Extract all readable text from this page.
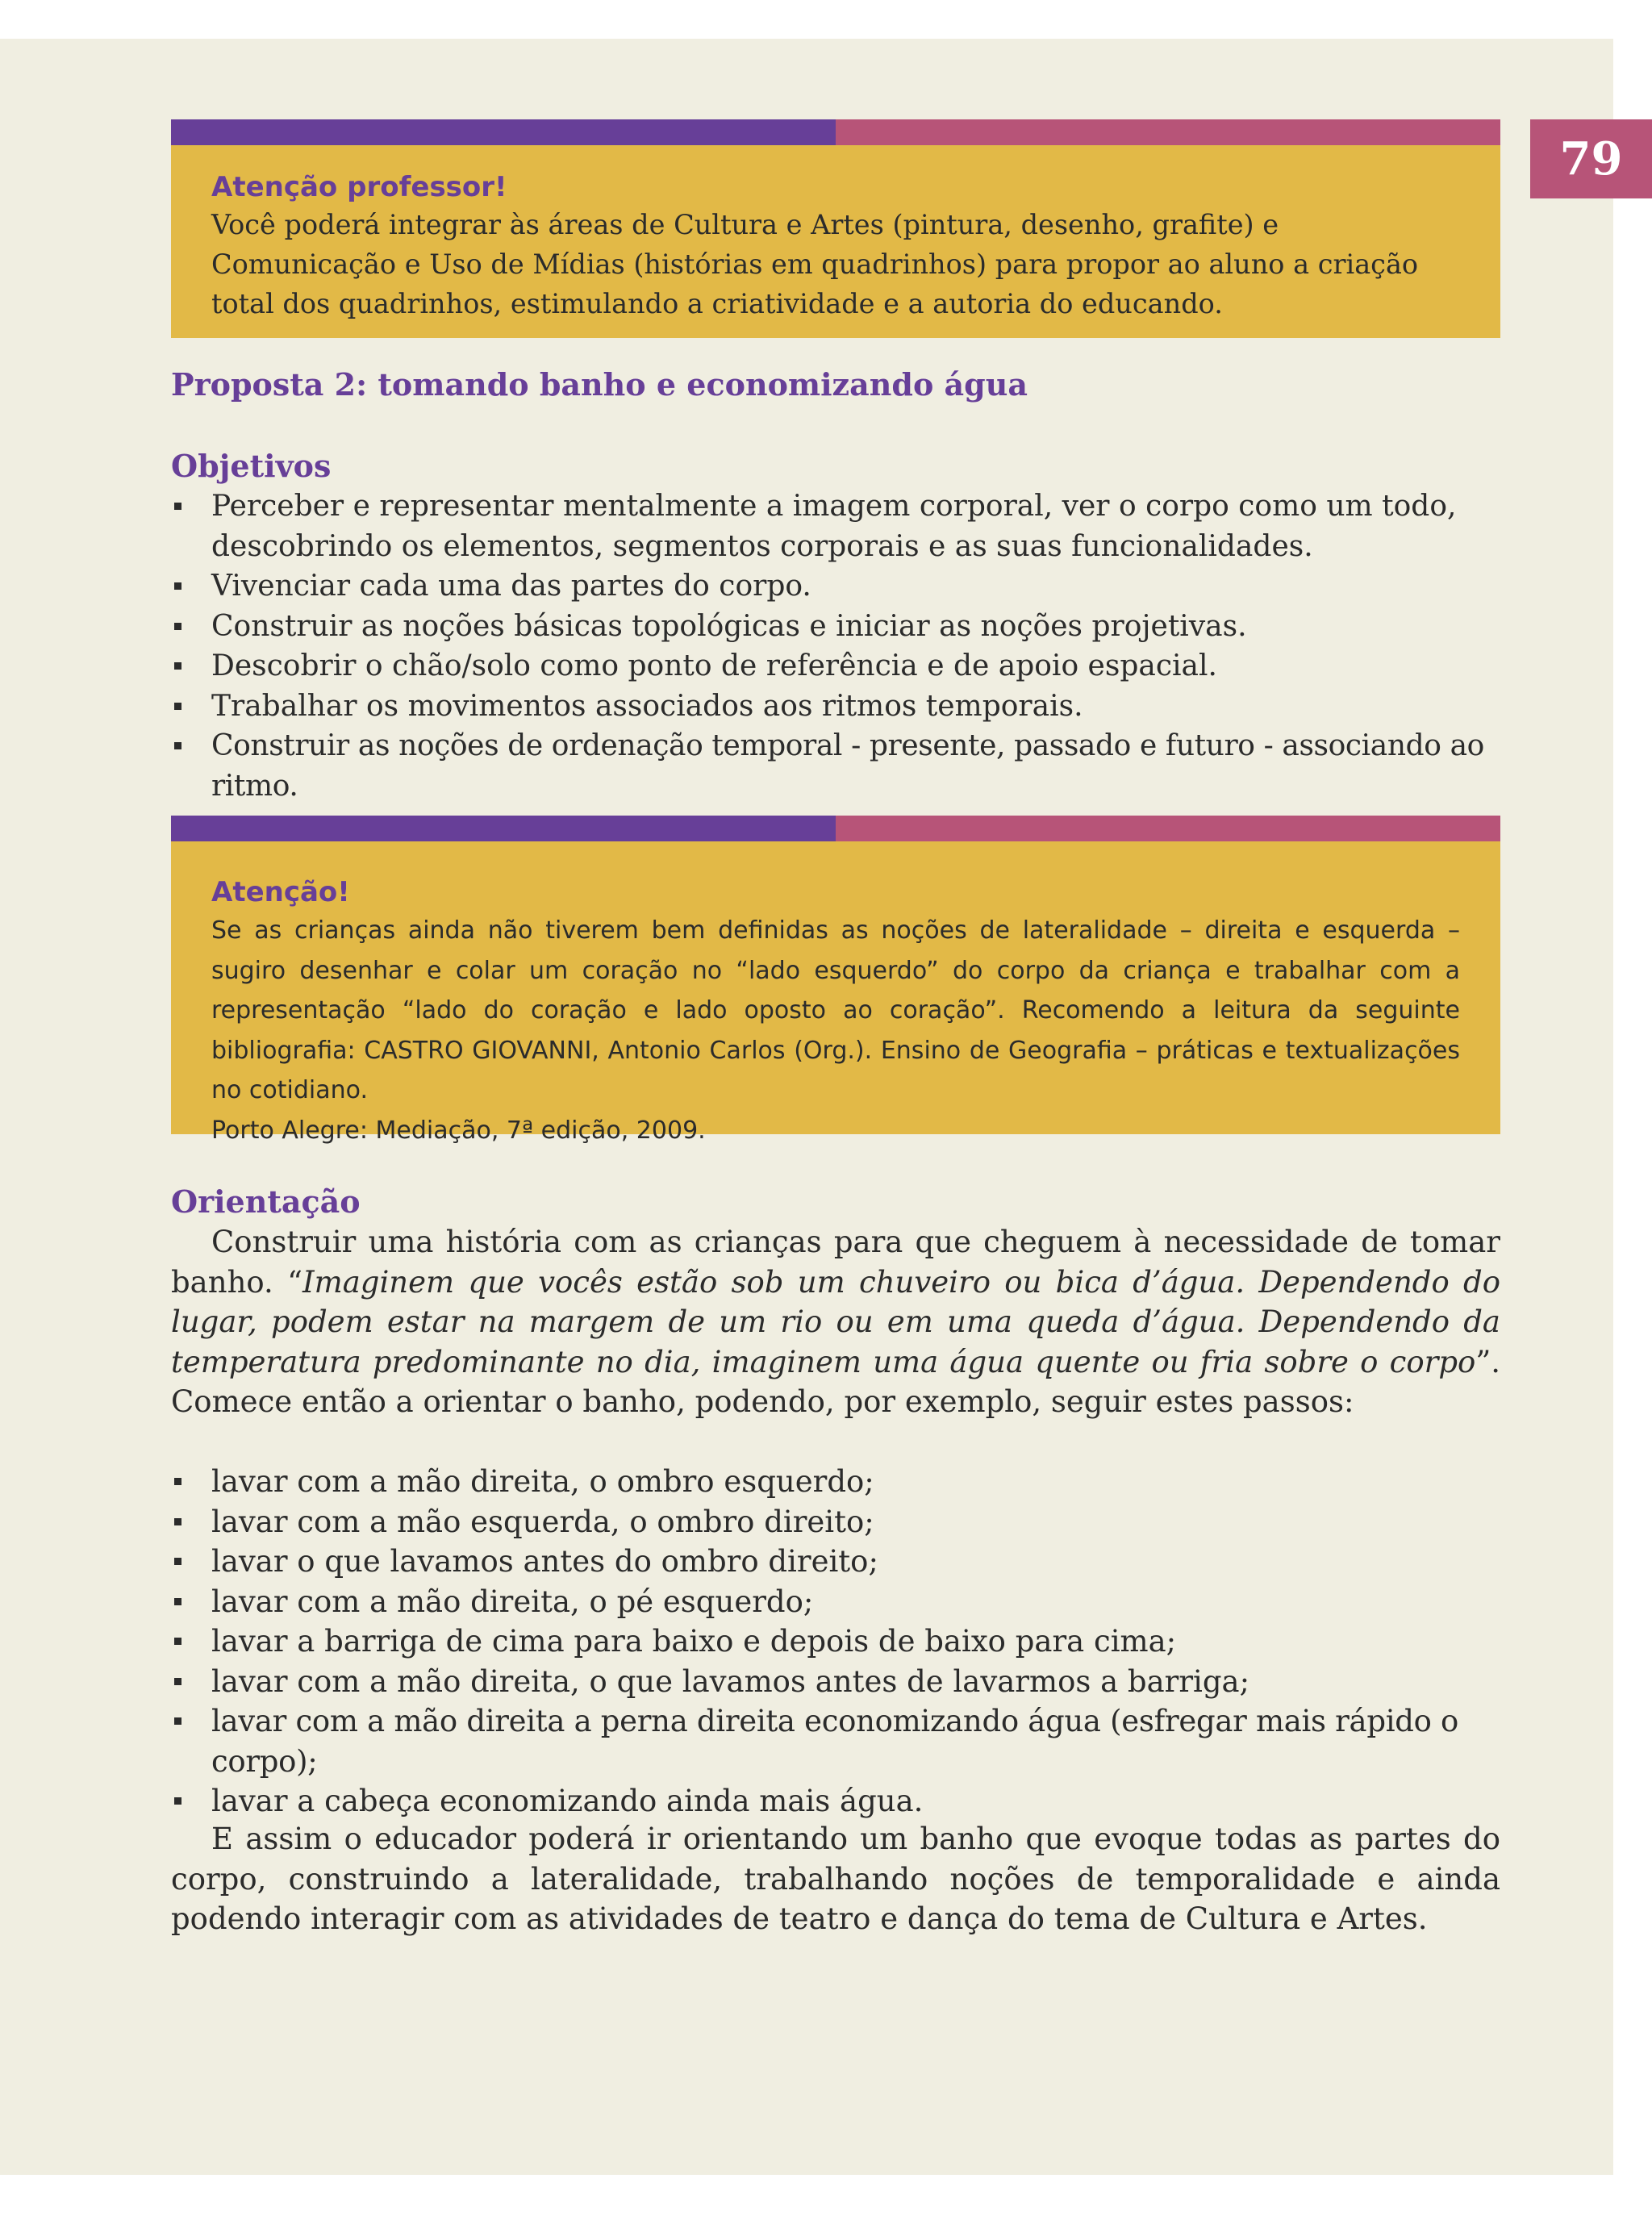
79
Atenção professor!

Você poderá integrar às áreas de Cultura e Artes (pintura, desenho, grafite) e Comunicação e Uso de Mídias (histórias em quadrinhos) para propor ao aluno a criação total dos quadrinhos, estimulando a criatividade e a autoria do educando.

Proposta 2: tomando banho e economizando água
Objetivos
Perceber e representar mentalmente a imagem corporal, ver o corpo como um todo, descobrindo os elementos, segmentos corporais e as suas funcionalidades.
Vivenciar cada uma das partes do corpo.
Construir as noções básicas topológicas e iniciar as noções projetivas.
Descobrir o chão/solo como ponto de referência e de apoio espacial.
Trabalhar os movimentos associados aos ritmos temporais.
Construir as noções de ordenação temporal - presente, passado e futuro - associando ao ritmo.
Atenção!

Se as crianças ainda não tiverem bem definidas as noções de lateralidade – direita e esquerda – sugiro desenhar e colar um coração no “lado esquerdo” do corpo da criança e trabalhar com a representação “lado do coração e lado oposto ao coração”. Recomendo a leitura da seguinte bibliografia: CASTRO GIOVANNI, Antonio Carlos (Org.). Ensino de Geografia – práticas e textualizações no cotidiano.

Porto Alegre: Mediação, 7ª edição, 2009.

Orientação

Construir uma história com as crianças para que cheguem à necessidade de tomar banho. “Imaginem que vocês estão sob um chuveiro ou bica d’água. Dependendo do lugar, podem estar na margem de um rio ou em uma queda d’água. Dependendo da temperatura predominante no dia, imaginem uma água quente ou fria sobre o corpo”. Comece então a orientar o banho, podendo, por exemplo, seguir estes passos:

lavar com a mão direita, o ombro esquerdo;
lavar com a mão esquerda, o ombro direito;
lavar o que lavamos antes do ombro direito;
lavar com a mão direita, o pé esquerdo;
lavar a barriga de cima para baixo e depois de baixo para cima;
lavar com a mão direita, o que lavamos antes de lavarmos a barriga;
lavar com a mão direita a perna direita economizando água (esfregar mais rápido o corpo);
lavar a cabeça economizando ainda mais água.

E assim o educador poderá ir orientando um banho que evoque todas as partes do corpo, construindo a lateralidade, trabalhando noções de temporalidade e ainda podendo interagir com as atividades de teatro e dança do tema de Cultura e Artes.
